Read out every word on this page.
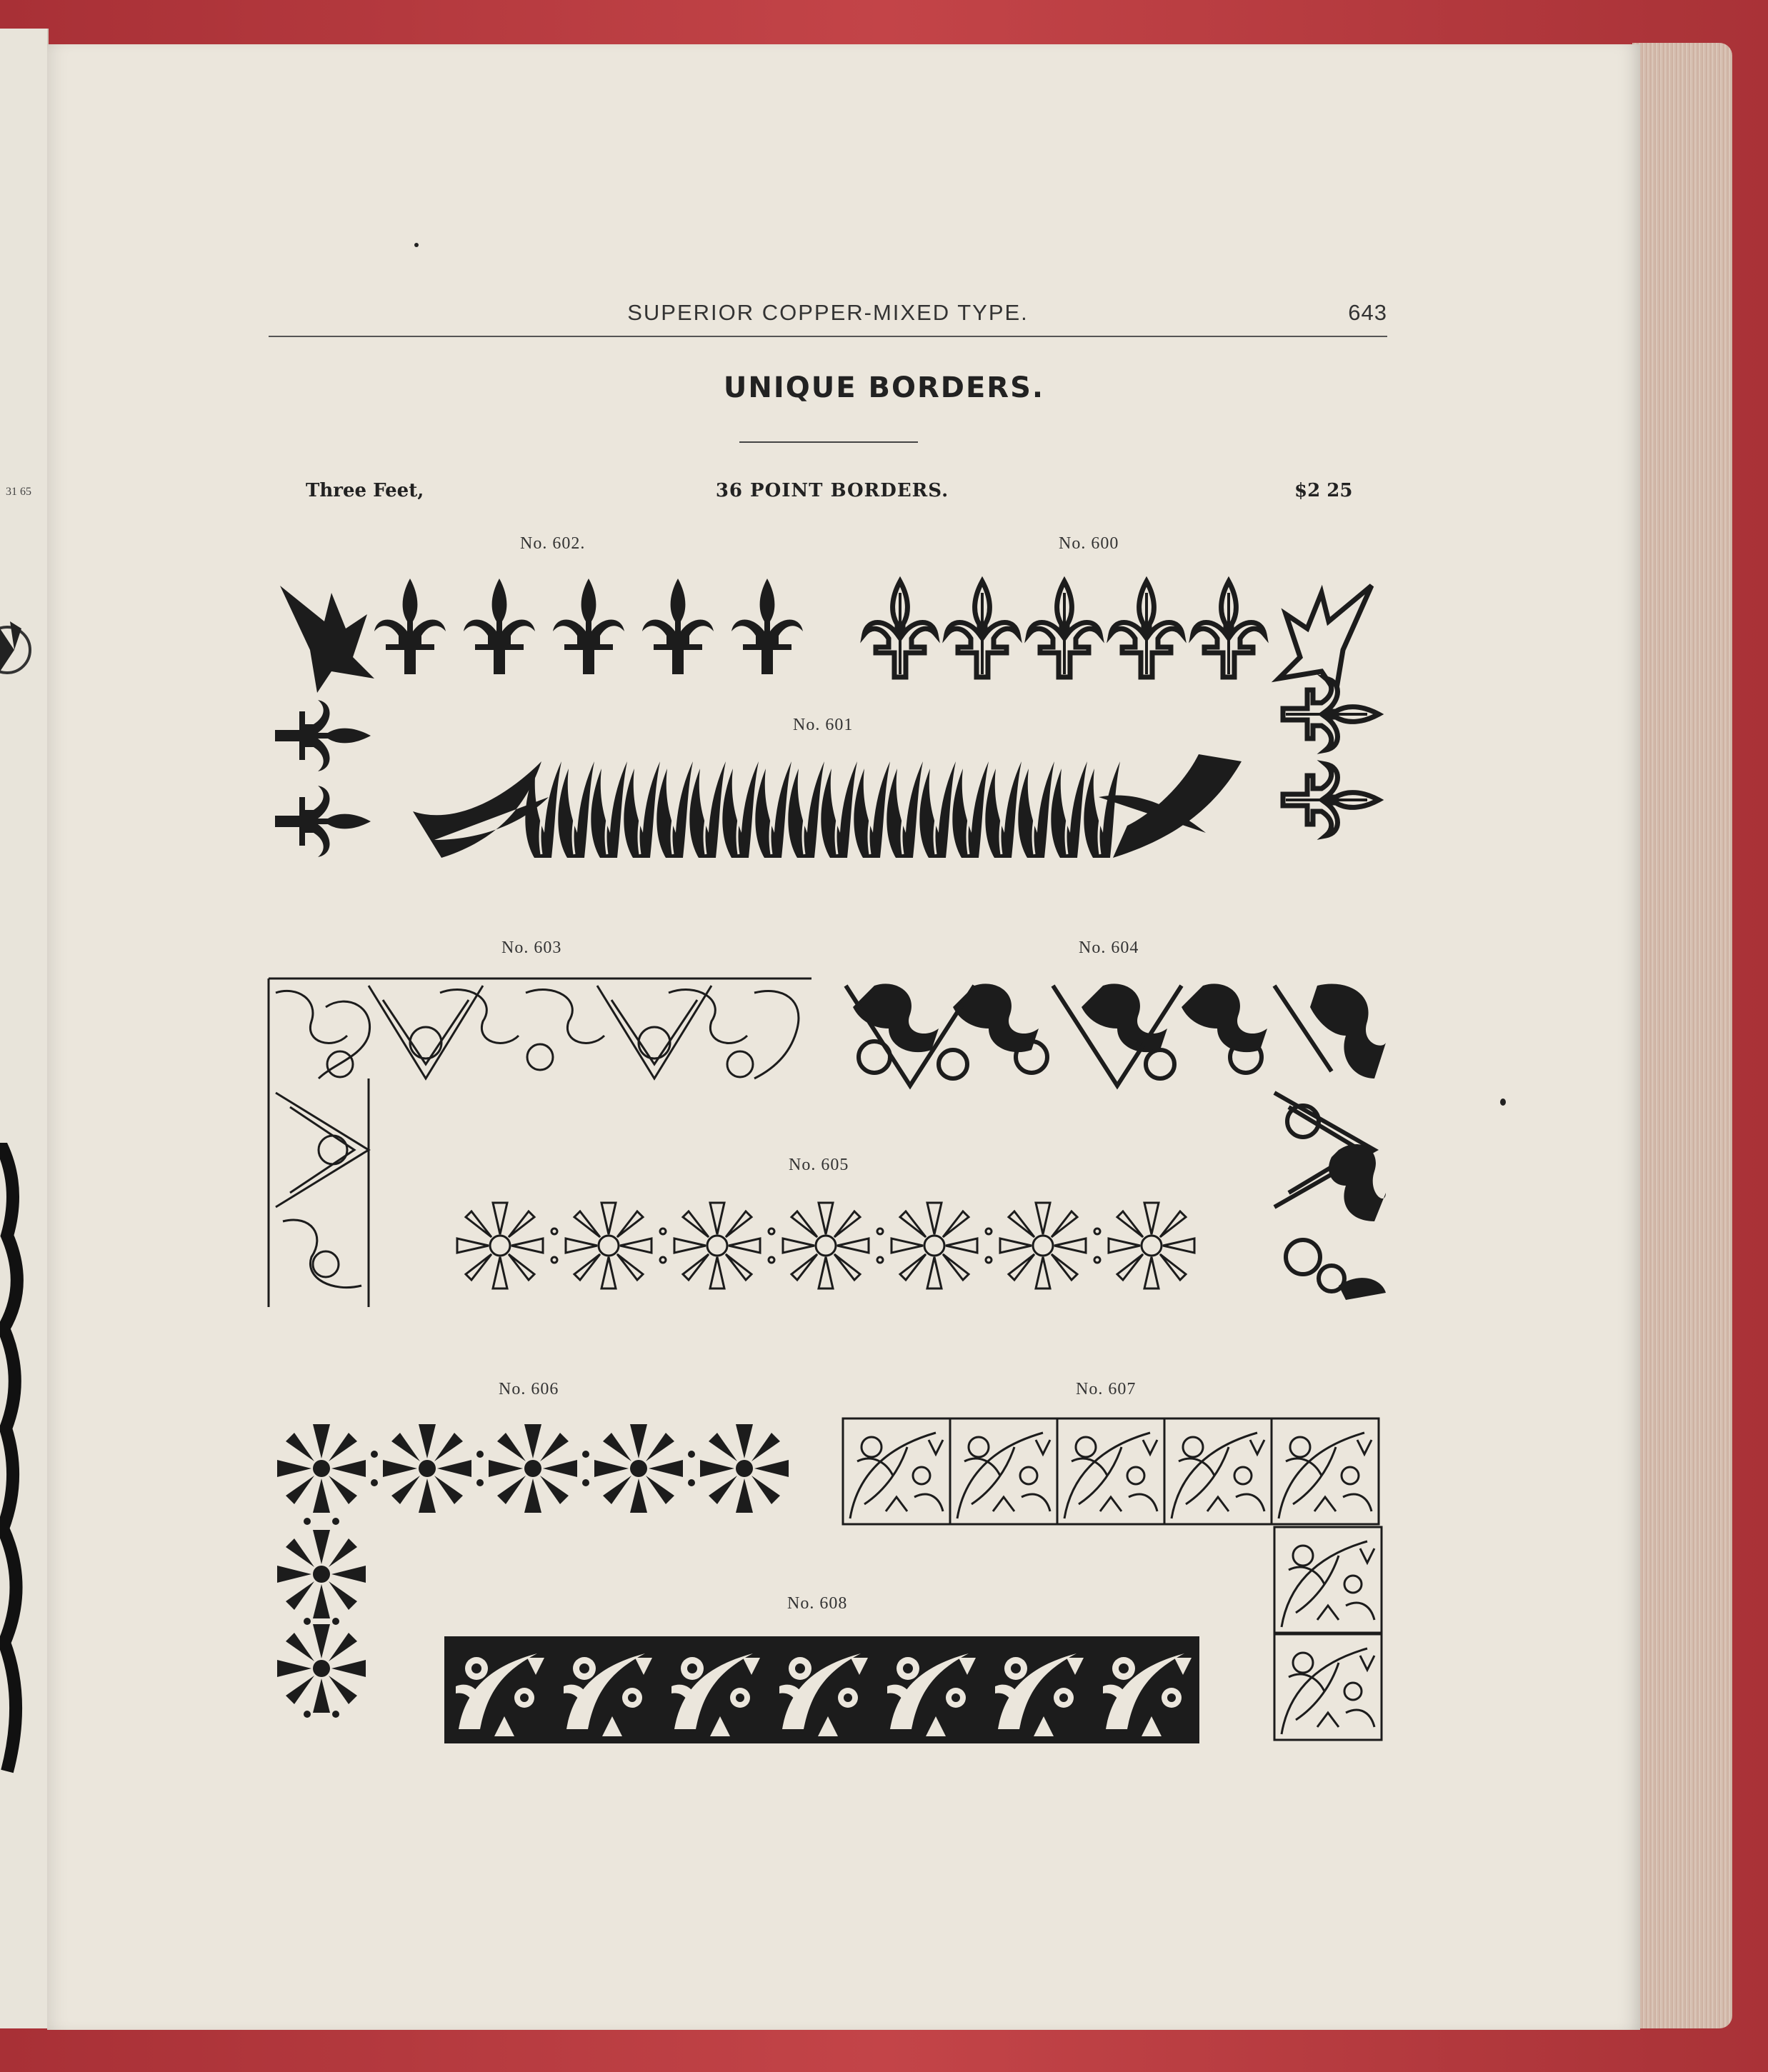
31 65
SUPERIOR COPPER-MIXED TYPE.	643
UNIQUE BORDERS.
Three Feet,	36 POINT BORDERS.	$2 25
No. 602.	No. 600
No. 601
No. 603	No. 604
No. 605
No. 606	No. 607
No. 608
